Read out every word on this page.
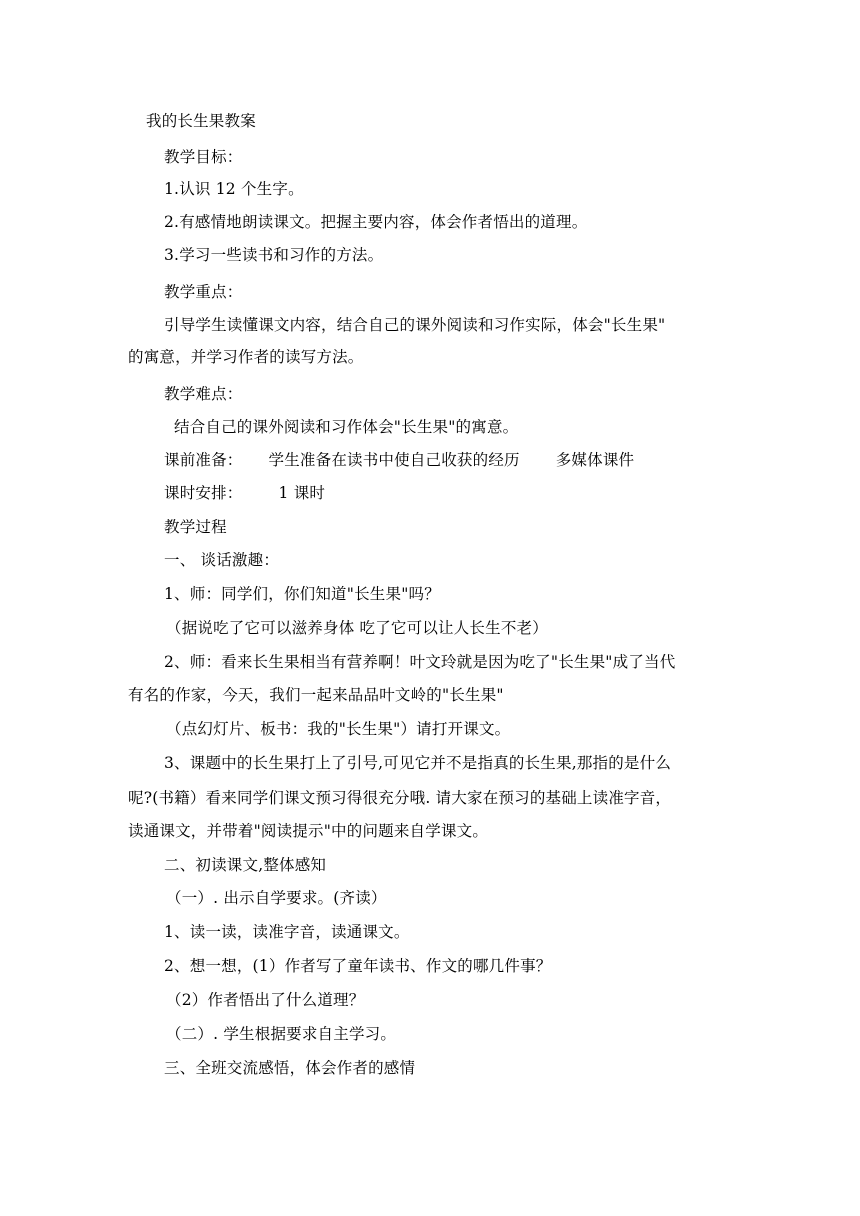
我的长生果教案

教学目标：

1.认识 12 个生字。

2.有感情地朗读课文。把握主要内容，体会作者悟出的道理。

3.学习一些读书和习作的方法。

教学重点：

引导学生读懂课文内容，结合自己的课外阅读和习作实际，体会"长生果"

的寓意，并学习作者的读写方法。

教学难点：

结合自己的课外阅读和习作体会"长生果"的寓意。

课前准备： 学生准备在读书中使自己收获的经历 多媒体课件

课时安排： 1 课时

教学过程

一、 谈话激趣：

1、师：同学们，你们知道"长生果"吗？

（据说吃了它可以滋养身体 吃了它可以让人长生不老）

2、师：看来长生果相当有营养啊！叶文玲就是因为吃了"长生果"成了当代

有名的作家，今天，我们一起来品品叶文岭的"长生果"

（点幻灯片、板书：我的"长生果"）请打开课文。

3、课题中的长生果打上了引号,可见它并不是指真的长生果,那指的是什么

呢?(书籍）看来同学们课文预习得很充分哦. 请大家在预习的基础上读准字音，

读通课文，并带着"阅读提示"中的问题来自学课文。

二、初读课文,整体感知

（一）. 出示自学要求。(齐读）

1、读一读，读准字音，读通课文。

2、想一想，(1）作者写了童年读书、作文的哪几件事？

（2）作者悟出了什么道理？

（二）. 学生根据要求自主学习。

三、全班交流感悟，体会作者的感情
